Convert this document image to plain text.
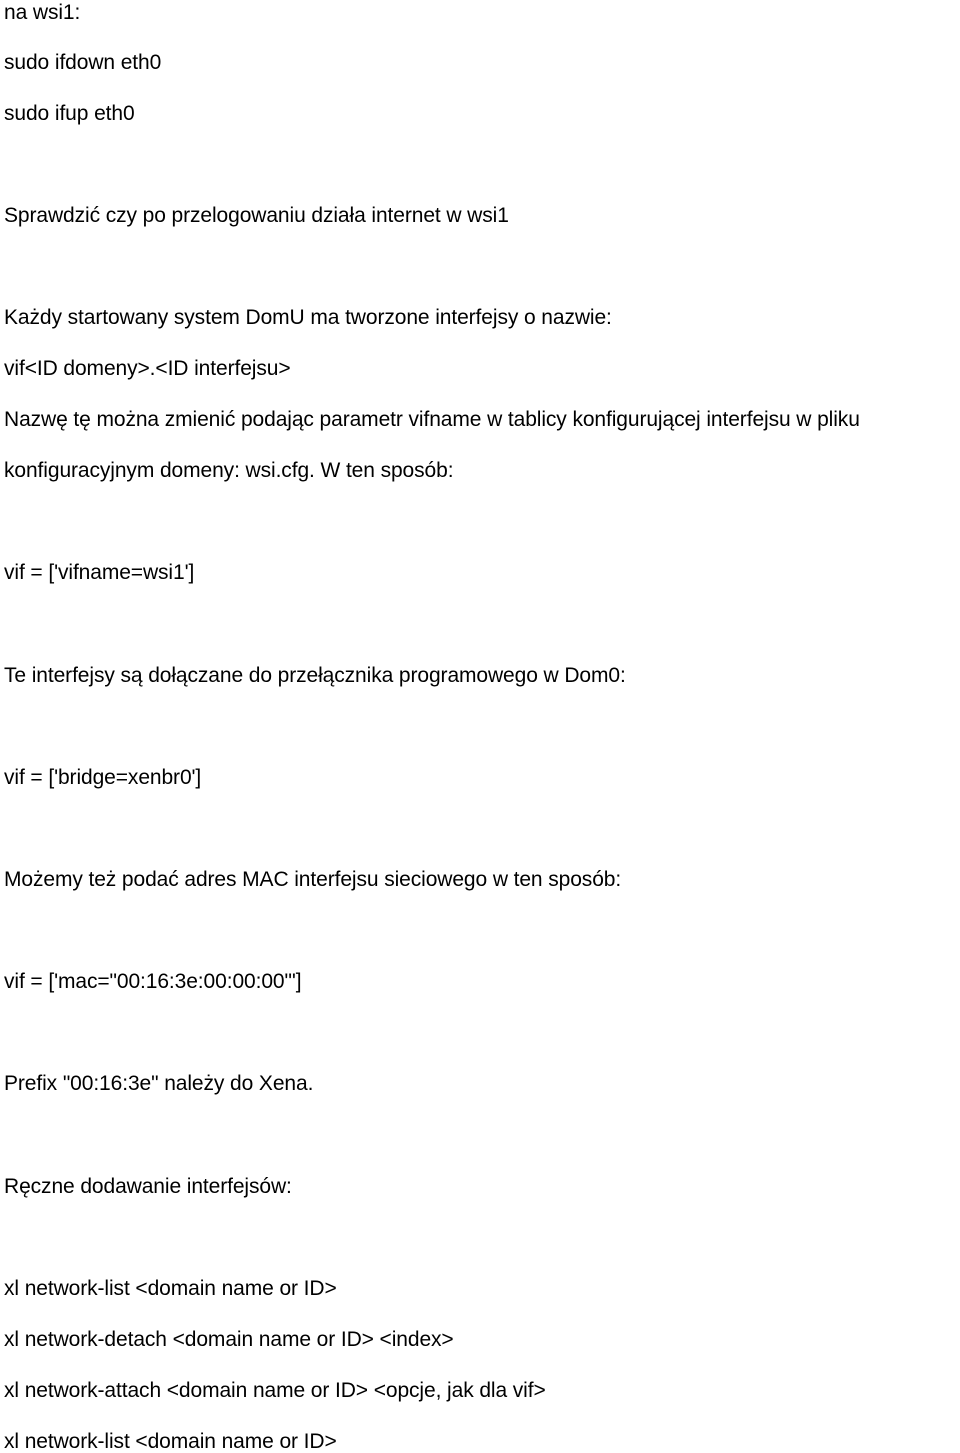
na wsi1:
sudo ifdown eth0
sudo ifup eth0
Sprawdzić czy po przelogowaniu działa internet w wsi1
Każdy startowany system DomU ma tworzone interfejsy o nazwie:
vif<ID domeny>.<ID interfejsu>
Nazwę tę można zmienić podając parametr vifname w tablicy konfigurującej interfejsu w pliku
konfiguracyjnym domeny: wsi.cfg. W ten sposób:
vif = ['vifname=wsi1']
Te interfejsy są dołączane do przełącznika programowego w Dom0:
vif = ['bridge=xenbr0']
Możemy też podać adres MAC interfejsu sieciowego w ten sposób:
vif = ['mac="00:16:3e:00:00:00"']
Prefix "00:16:3e" należy do Xena.
Ręczne dodawanie interfejsów:
xl network-list <domain name or ID>
xl network-detach <domain name or ID> <index>
xl network-attach <domain name or ID> <opcje, jak dla vif>
xl network-list <domain name or ID>
